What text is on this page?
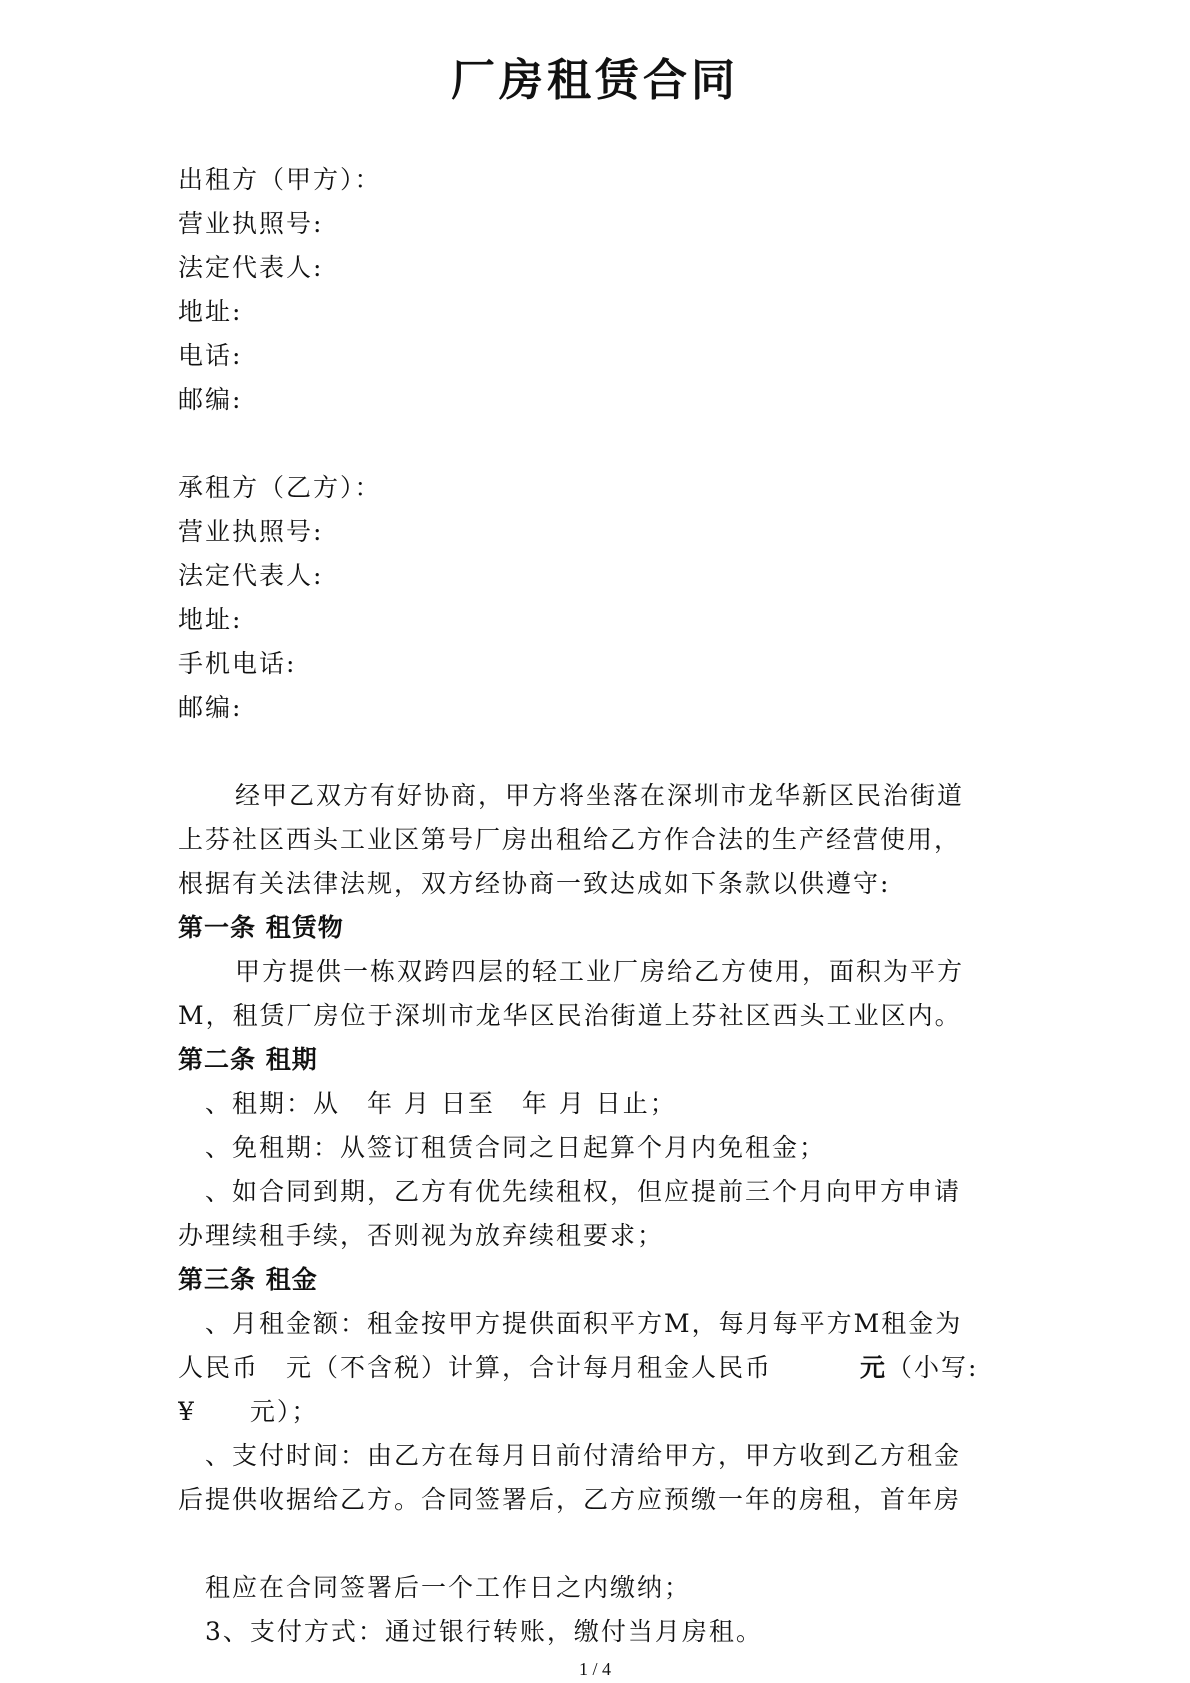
厂房租赁合同
出租方（甲方）：
营业执照号:
法定代表人:
地址:
电话:
邮编:
承租方（乙方）：
营业执照号:
法定代表人:
地址:
手机电话:
邮编:
经甲乙双方有好协商，甲方将坐落在深圳市龙华新区民治街道
上芬社区西头工业区第号厂房出租给乙方作合法的生产经营使用，
根据有关法律法规，双方经协商一致达成如下条款以供遵守:
第一条 租赁物
甲方提供一栋双跨四层的轻工业厂房给乙方使用，面积为平方
M，租赁厂房位于深圳市龙华区民治街道上芬社区西头工业区内。
第二条 租期
、租期：从　年 月 日至　年 月 日止；
、免租期：从签订租赁合同之日起算个月内免租金；
、如合同到期，乙方有优先续租权，但应提前三个月向甲方申请
办理续租手续，否则视为放弃续租要求；
第三条 租金
、月租金额：租金按甲方提供面积平方M，每月每平方M租金为
人民币　元（不含税）计算，合计每月租金人民币	元（小写:
¥　　元）；
、支付时间：由乙方在每月日前付清给甲方，甲方收到乙方租金
后提供收据给乙方。合同签署后，乙方应预缴一年的房租，首年房
租应在合同签署后一个工作日之内缴纳；
3、支付方式：通过银行转账，缴付当月房租。
1 / 4
